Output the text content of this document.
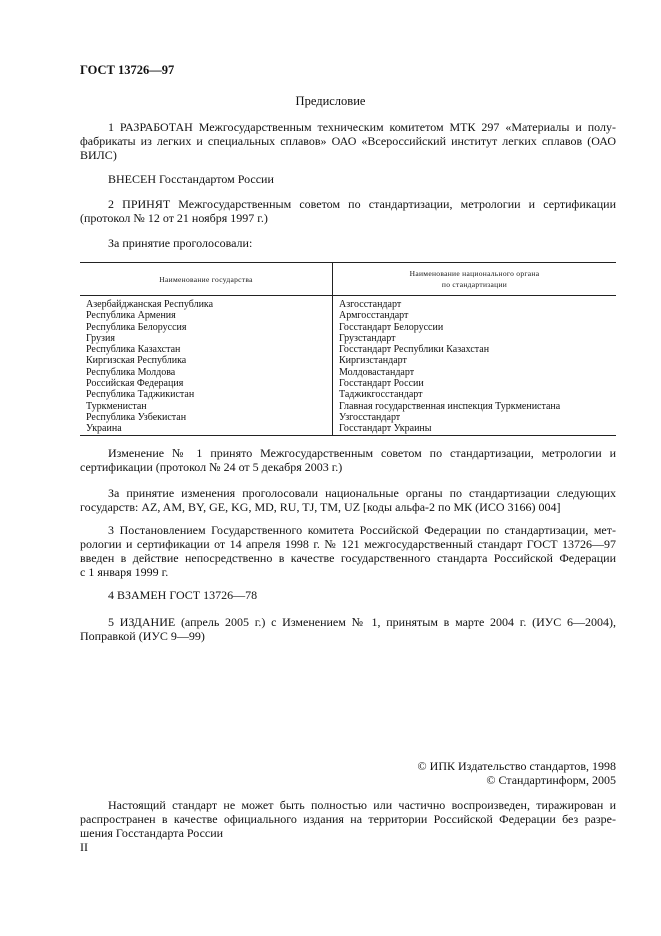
ГОСТ 13726—97
Предисловие
1 РАЗРАБОТАН Межгосударственным техническим комитетом МТК 297 «Материалы и полу-
фабрикаты из легких и специальных сплавов» ОАО «Всероссийский институт легких сплавов (ОАО
ВИЛС)
ВНЕСЕН Госстандартом России
2 ПРИНЯТ Межгосударственным советом по стандартизации, метрологии и сертификации
(протокол № 12 от 21 ноября 1997 г.)
За принятие проголосовали:
Наименование государства	Наименование национального органа
по стандартизации
Азербайджанская Республика	Азгосстандарт
Республика Армения	Армгосстандарт
Республика Белоруссия	Госстандарт Белоруссии
Грузия	Грузстандарт
Республика Казахстан	Госстандарт Республики Казахстан
Киргизская Республика	Киргизстандарт
Республика Молдова	Молдовастандарт
Российская Федерация	Госстандарт России
Республика Таджикистан	Таджикгосстандарт
Туркменистан	Главная государственная инспекция Туркменистана
Республика Узбекистан	Узгосстандарт
Украина	Госстандарт Украины
Изменение № 1 принято Межгосударственным советом по стандартизации, метрологии и
сертификации (протокол № 24 от 5 декабря 2003 г.)
За принятие изменения проголосовали национальные органы по стандартизации следующих
государств: AZ, AM, BY, GE, KG, MD, RU, TJ, TM, UZ [коды альфа-2 по МК (ИСО 3166) 004]
3 Постановлением Государственного комитета Российской Федерации по стандартизации, мет-
рологии и сертификации от 14 апреля 1998 г. № 121 межгосударственный стандарт ГОСТ 13726—97
введен в действие непосредственно в качестве государственного стандарта Российской Федерации
с 1 января 1999 г.
4 ВЗАМЕН ГОСТ 13726—78
5 ИЗДАНИЕ (апрель 2005 г.) с Изменением № 1, принятым в марте 2004 г. (ИУС 6—2004),
Поправкой (ИУС 9—99)
© ИПК Издательство стандартов, 1998
© Стандартинформ, 2005
Настоящий стандарт не может быть полностью или частично воспроизведен, тиражирован и
распространен в качестве официального издания на территории Российской Федерации без разре-
шения Госстандарта России
II
